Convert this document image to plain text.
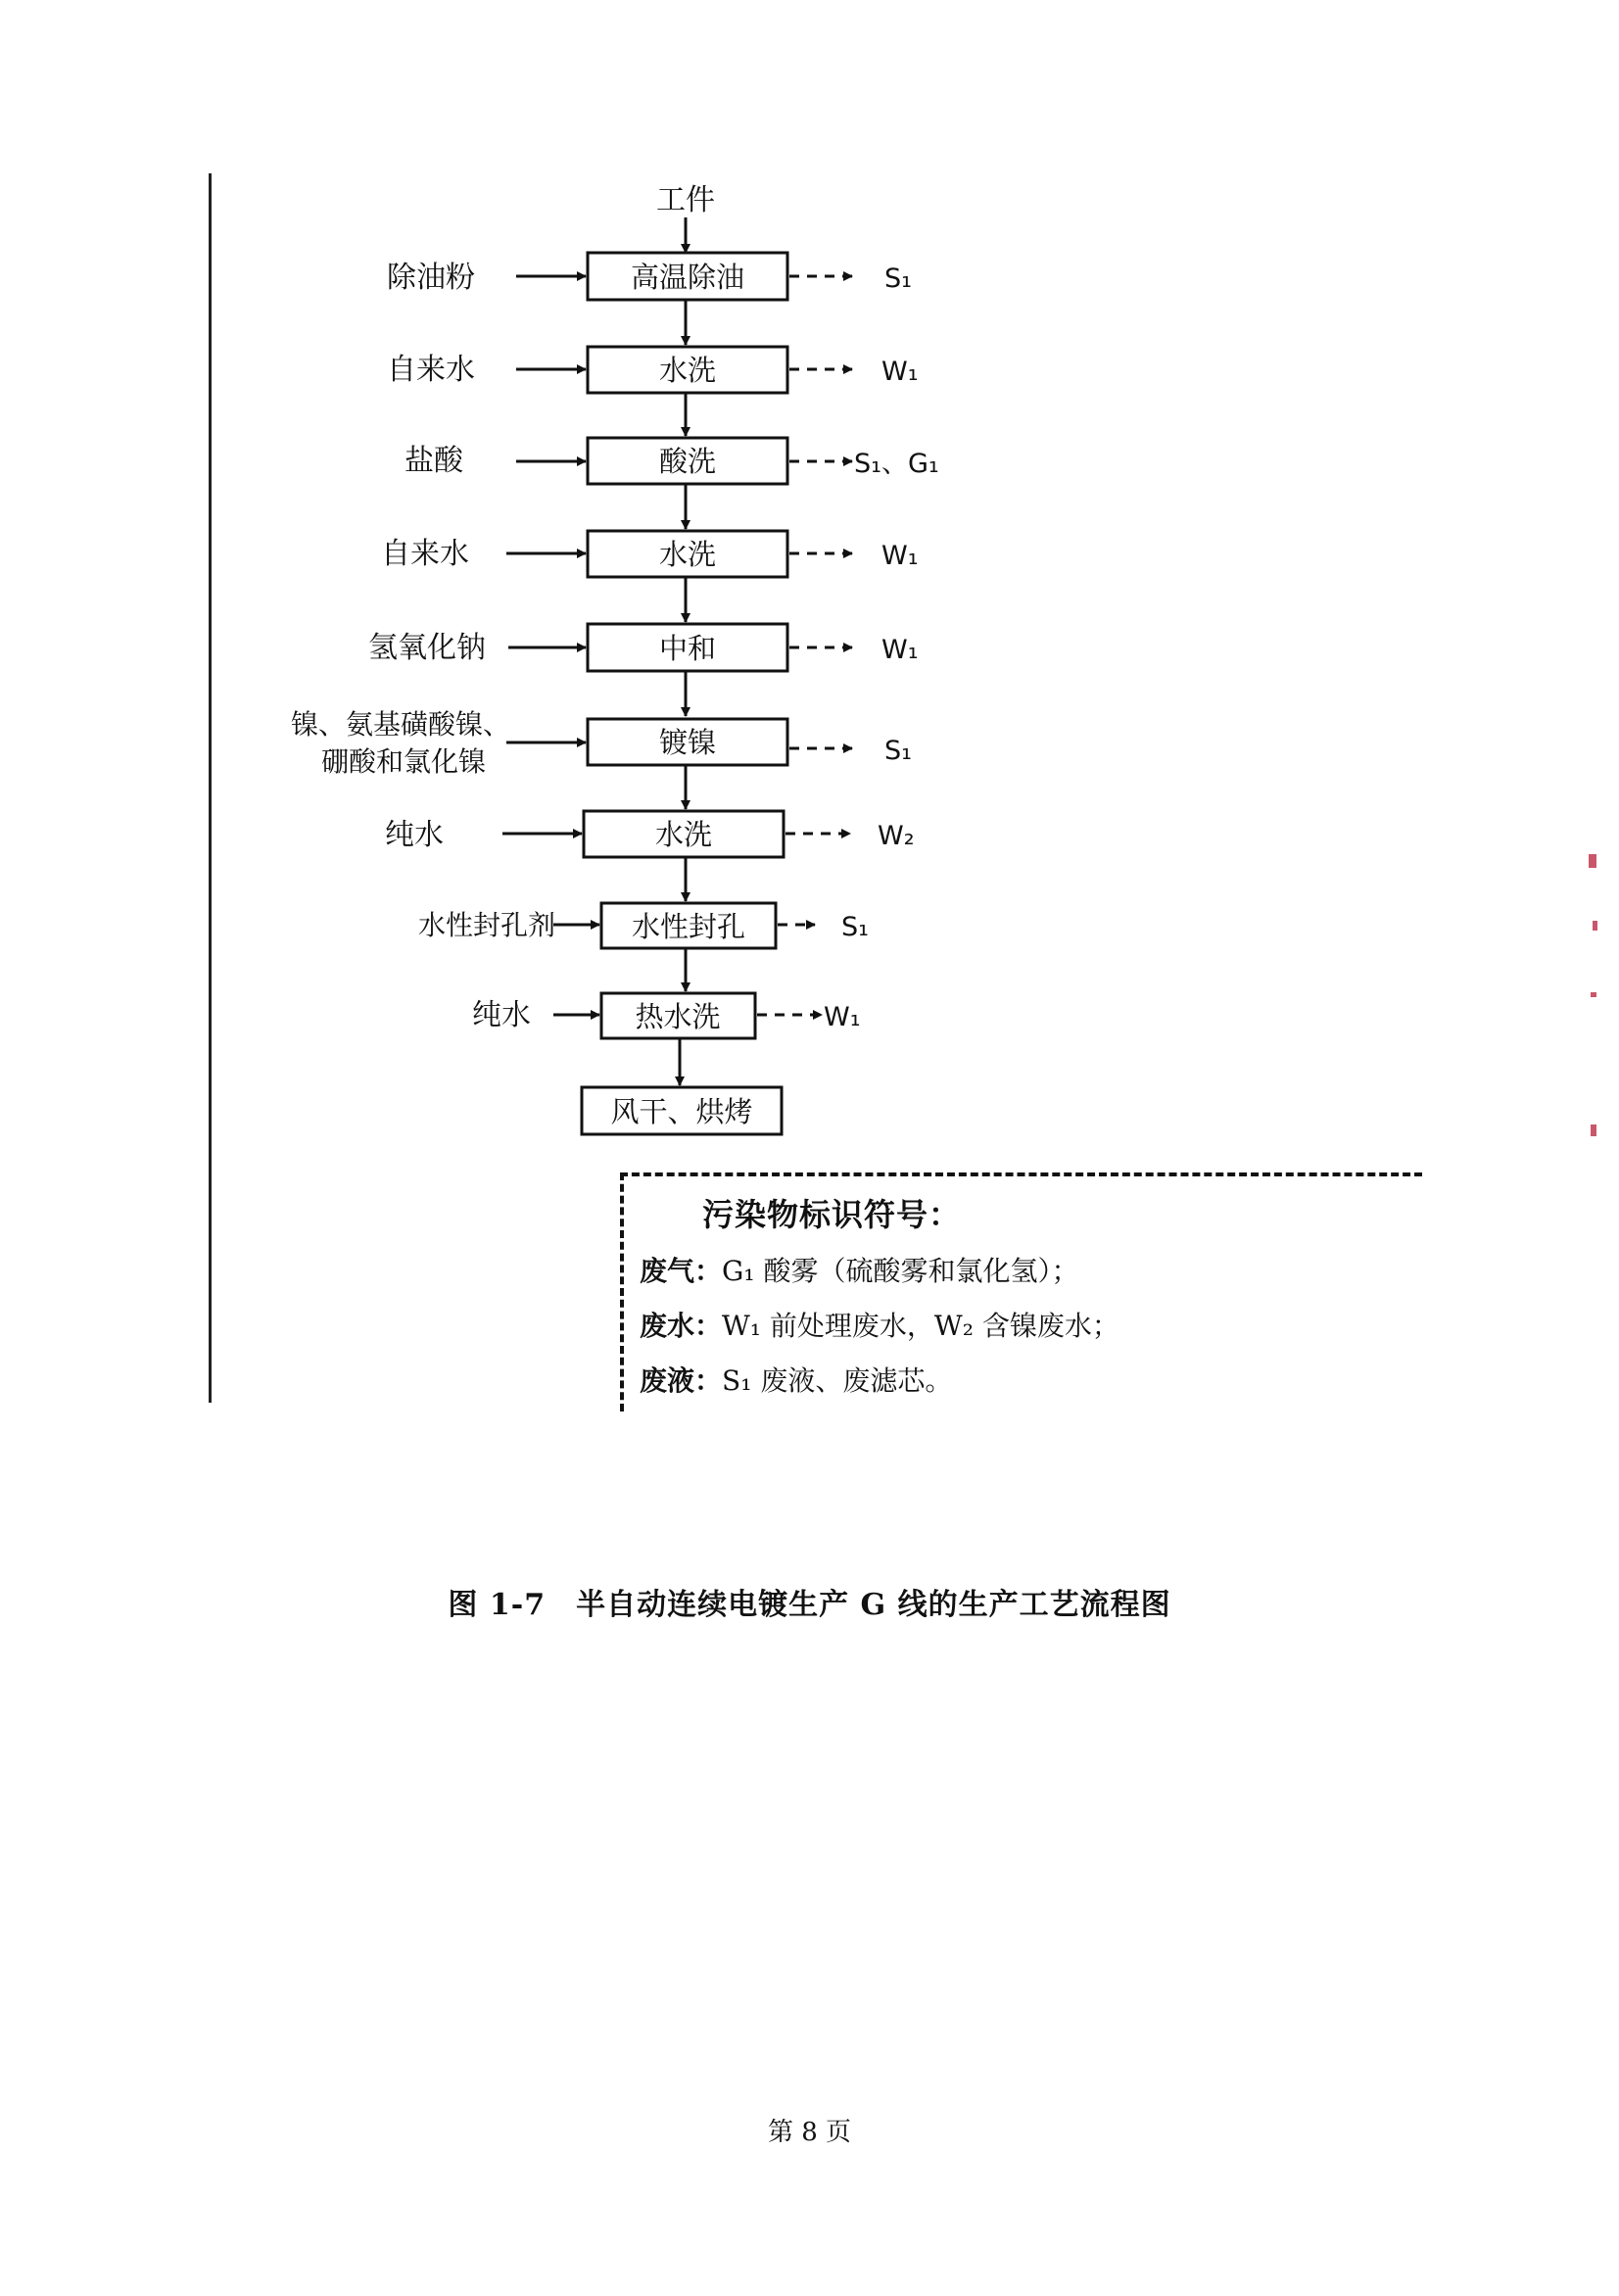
工件
除油粉	高温除油	S₁
自来水	水洗	W₁
盐酸	酸洗	S₁、G₁
自来水	水洗	W₁
氢氧化钠	中和	W₁
镍、氨基磺酸镍、
硼酸和氯化镍
镀镍	S₁
纯水	水洗	W₂
水性封孔剂	水性封孔	S₁
纯水	热水洗	W₁
风干、烘烤
污染物标识符号：
废气：G₁ 酸雾（硫酸雾和氯化氢）；
废水：W₁ 前处理废水，W₂ 含镍废水；
废液：S₁ 废液、废滤芯。
图 1-7　半自动连续电镀生产 G 线的生产工艺流程图
第 8 页
